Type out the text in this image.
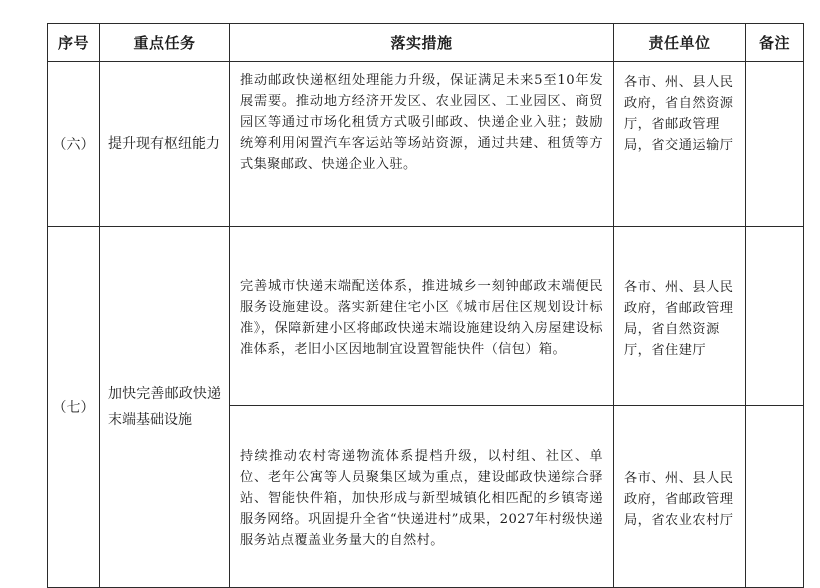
序号	重点任务	落实措施	责任单位	备注
（六）	提升现有枢纽能力	推动邮政快递枢纽处理能力升级，保证满足未来5至10年发展需要。推动地方经济开发区、农业园区、工业园区、商贸园区等通过市场化租赁方式吸引邮政、快递企业入驻；鼓励统筹利用闲置汽车客运站等场站资源，通过共建、租赁等方式集聚邮政、快递企业入驻。	各市、州、县人民政府，省自然资源厅，省邮政管理局，省交通运输厅	
（七）	加快完善邮政快递末端基础设施	完善城市快递末端配送体系，推进城乡一刻钟邮政末端便民服务设施建设。落实新建住宅小区《城市居住区规划设计标准》，保障新建小区将邮政快递末端设施建设纳入房屋建设标准体系，老旧小区因地制宜设置智能快件（信包）箱。	各市、州、县人民政府，省邮政管理局，省自然资源厅，省住建厅	
		持续推动农村寄递物流体系提档升级，以村组、社区、单位、老年公寓等人员聚集区域为重点，建设邮政快递综合驿站、智能快件箱，加快形成与新型城镇化相匹配的乡镇寄递服务网络。巩固提升全省“快递进村”成果，2027年村级快递服务站点覆盖业务量大的自然村。	各市、州、县人民政府，省邮政管理局，省农业农村厅	
